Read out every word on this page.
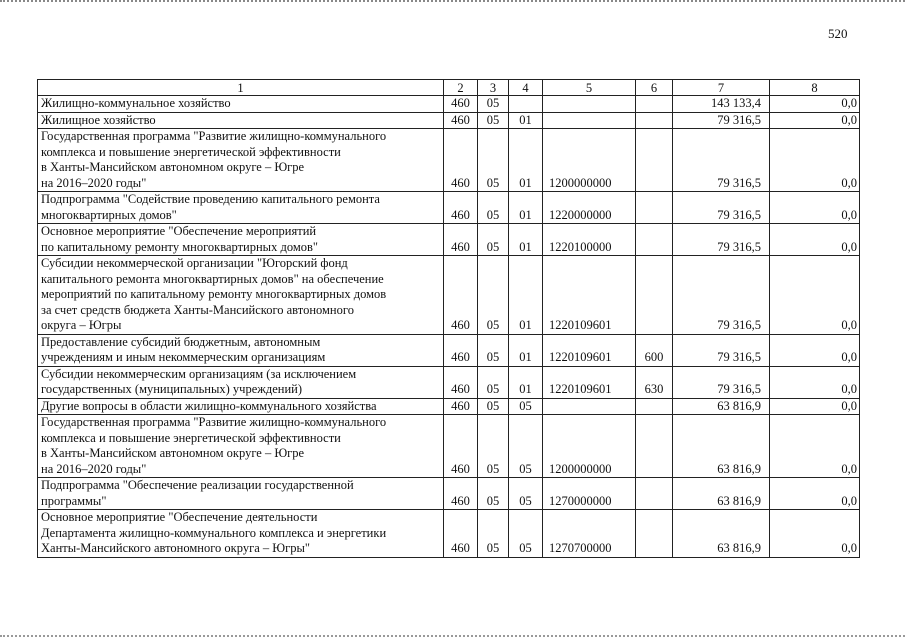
520
1	2	3	4	5	6	7	8
Жилищно-коммунальное хозяйство	460	05				143 133,4	0,0
Жилищное хозяйство	460	05	01			79 316,5	0,0
Государственная программа "Развитие жилищно-коммунального
комплекса и повышение энергетической эффективности
в Ханты-Мансийском автономном округе – Югре
на 2016–2020 годы"	460	05	01	1200000000		79 316,5	0,0
Подпрограмма "Содействие проведению капитального ремонта
многоквартирных домов"	460	05	01	1220000000		79 316,5	0,0
Основное мероприятие "Обеспечение мероприятий
по капитальному ремонту многоквартирных домов"	460	05	01	1220100000		79 316,5	0,0
Субсидии некоммерческой организации "Югорский фонд
капитального ремонта многоквартирных домов" на обеспечение
мероприятий по капитальному ремонту многоквартирных домов
за счет средств бюджета Ханты-Мансийского автономного
округа – Югры	460	05	01	1220109601		79 316,5	0,0
Предоставление субсидий бюджетным, автономным
учреждениям и иным некоммерческим организациям	460	05	01	1220109601	600	79 316,5	0,0
Субсидии некоммерческим организациям (за исключением
государственных (муниципальных) учреждений)	460	05	01	1220109601	630	79 316,5	0,0
Другие вопросы в области жилищно-коммунального хозяйства	460	05	05			63 816,9	0,0
Государственная программа "Развитие жилищно-коммунального
комплекса и повышение энергетической эффективности
в Ханты-Мансийском автономном округе – Югре
на 2016–2020 годы"	460	05	05	1200000000		63 816,9	0,0
Подпрограмма "Обеспечение реализации государственной
программы"	460	05	05	1270000000		63 816,9	0,0
Основное мероприятие "Обеспечение деятельности
Департамента жилищно-коммунального комплекса и энергетики
Ханты-Мансийского автономного округа – Югры"	460	05	05	1270700000		63 816,9	0,0
